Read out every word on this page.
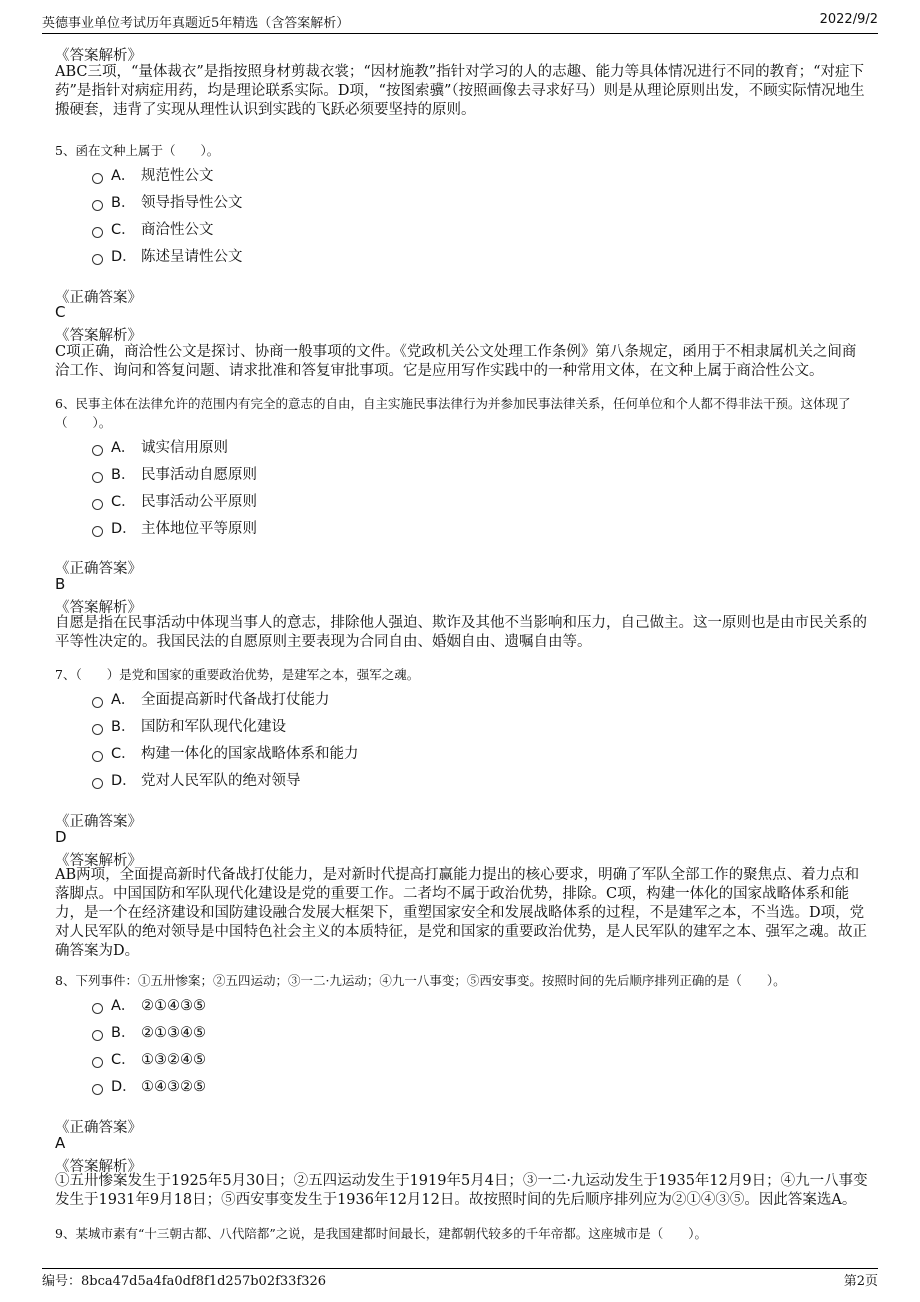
英德事业单位考试历年真题近5年精选（含答案解析）	2022/9/2
《答案解析》
ABC三项，“量体裁衣”是指按照身材剪裁衣裳；“因材施教”指针对学习的人的志趣、能力等具体情况进行不同的教育；“对症下药”是指针对病症用药，均是理论联系实际。D项，“按图索骥”（按照画像去寻求好马）则是从理论原则出发，不顾实际情况地生搬硬套，违背了实现从理性认识到实践的飞跃必须要坚持的原则。
5、函在文种上属于（　　）。
A． 规范性公文
B． 领导指导性公文
C． 商洽性公文
D． 陈述呈请性公文
《正确答案》
C
《答案解析》
C项正确，商洽性公文是探讨、协商一般事项的文件。《党政机关公文处理工作条例》第八条规定，函用于不相隶属机关之间商洽工作、询问和答复问题、请求批准和答复审批事项。它是应用写作实践中的一种常用文体，在文种上属于商洽性公文。
6、民事主体在法律允许的范围内有完全的意志的自由，自主实施民事法律行为并参加民事法律关系，任何单位和个人都不得非法干预。这体现了（　　）。
A． 诚实信用原则
B． 民事活动自愿原则
C． 民事活动公平原则
D． 主体地位平等原则
《正确答案》
B
《答案解析》
自愿是指在民事活动中体现当事人的意志，排除他人强迫、欺诈及其他不当影响和压力，自己做主。这一原则也是由市民关系的平等性决定的。我国民法的自愿原则主要表现为合同自由、婚姻自由、遗嘱自由等。
7、（　　）是党和国家的重要政治优势，是建军之本，强军之魂。
A． 全面提高新时代备战打仗能力
B． 国防和军队现代化建设
C． 构建一体化的国家战略体系和能力
D． 党对人民军队的绝对领导
《正确答案》
D
《答案解析》
AB两项，全面提高新时代备战打仗能力，是对新时代提高打赢能力提出的核心要求，明确了军队全部工作的聚焦点、着力点和落脚点。中国国防和军队现代化建设是党的重要工作。二者均不属于政治优势，排除。C项，构建一体化的国家战略体系和能力，是一个在经济建设和国防建设融合发展大框架下，重塑国家安全和发展战略体系的过程，不是建军之本，不当选。D项，党对人民军队的绝对领导是中国特色社会主义的本质特征，是党和国家的重要政治优势，是人民军队的建军之本、强军之魂。故正确答案为D。
8、下列事件：①五卅惨案；②五四运动；③一二·九运动；④九一八事变；⑤西安事变。按照时间的先后顺序排列正确的是（　　）。
A． ②①④③⑤
B． ②①③④⑤
C． ①③②④⑤
D． ①④③②⑤
《正确答案》
A
《答案解析》
①五卅惨案发生于1925年5月30日；②五四运动发生于1919年5月4日；③一二·九运动发生于1935年12月9日；④九一八事变发生于1931年9月18日；⑤西安事变发生于1936年12月12日。故按照时间的先后顺序排列应为②①④③⑤。因此答案选A。
9、某城市素有“十三朝古都、八代陪都”之说，是我国建都时间最长，建都朝代较多的千年帝都。这座城市是（　　）。
编号：8bca47d5a4fa0df8f1d257b02f33f326	第2页
